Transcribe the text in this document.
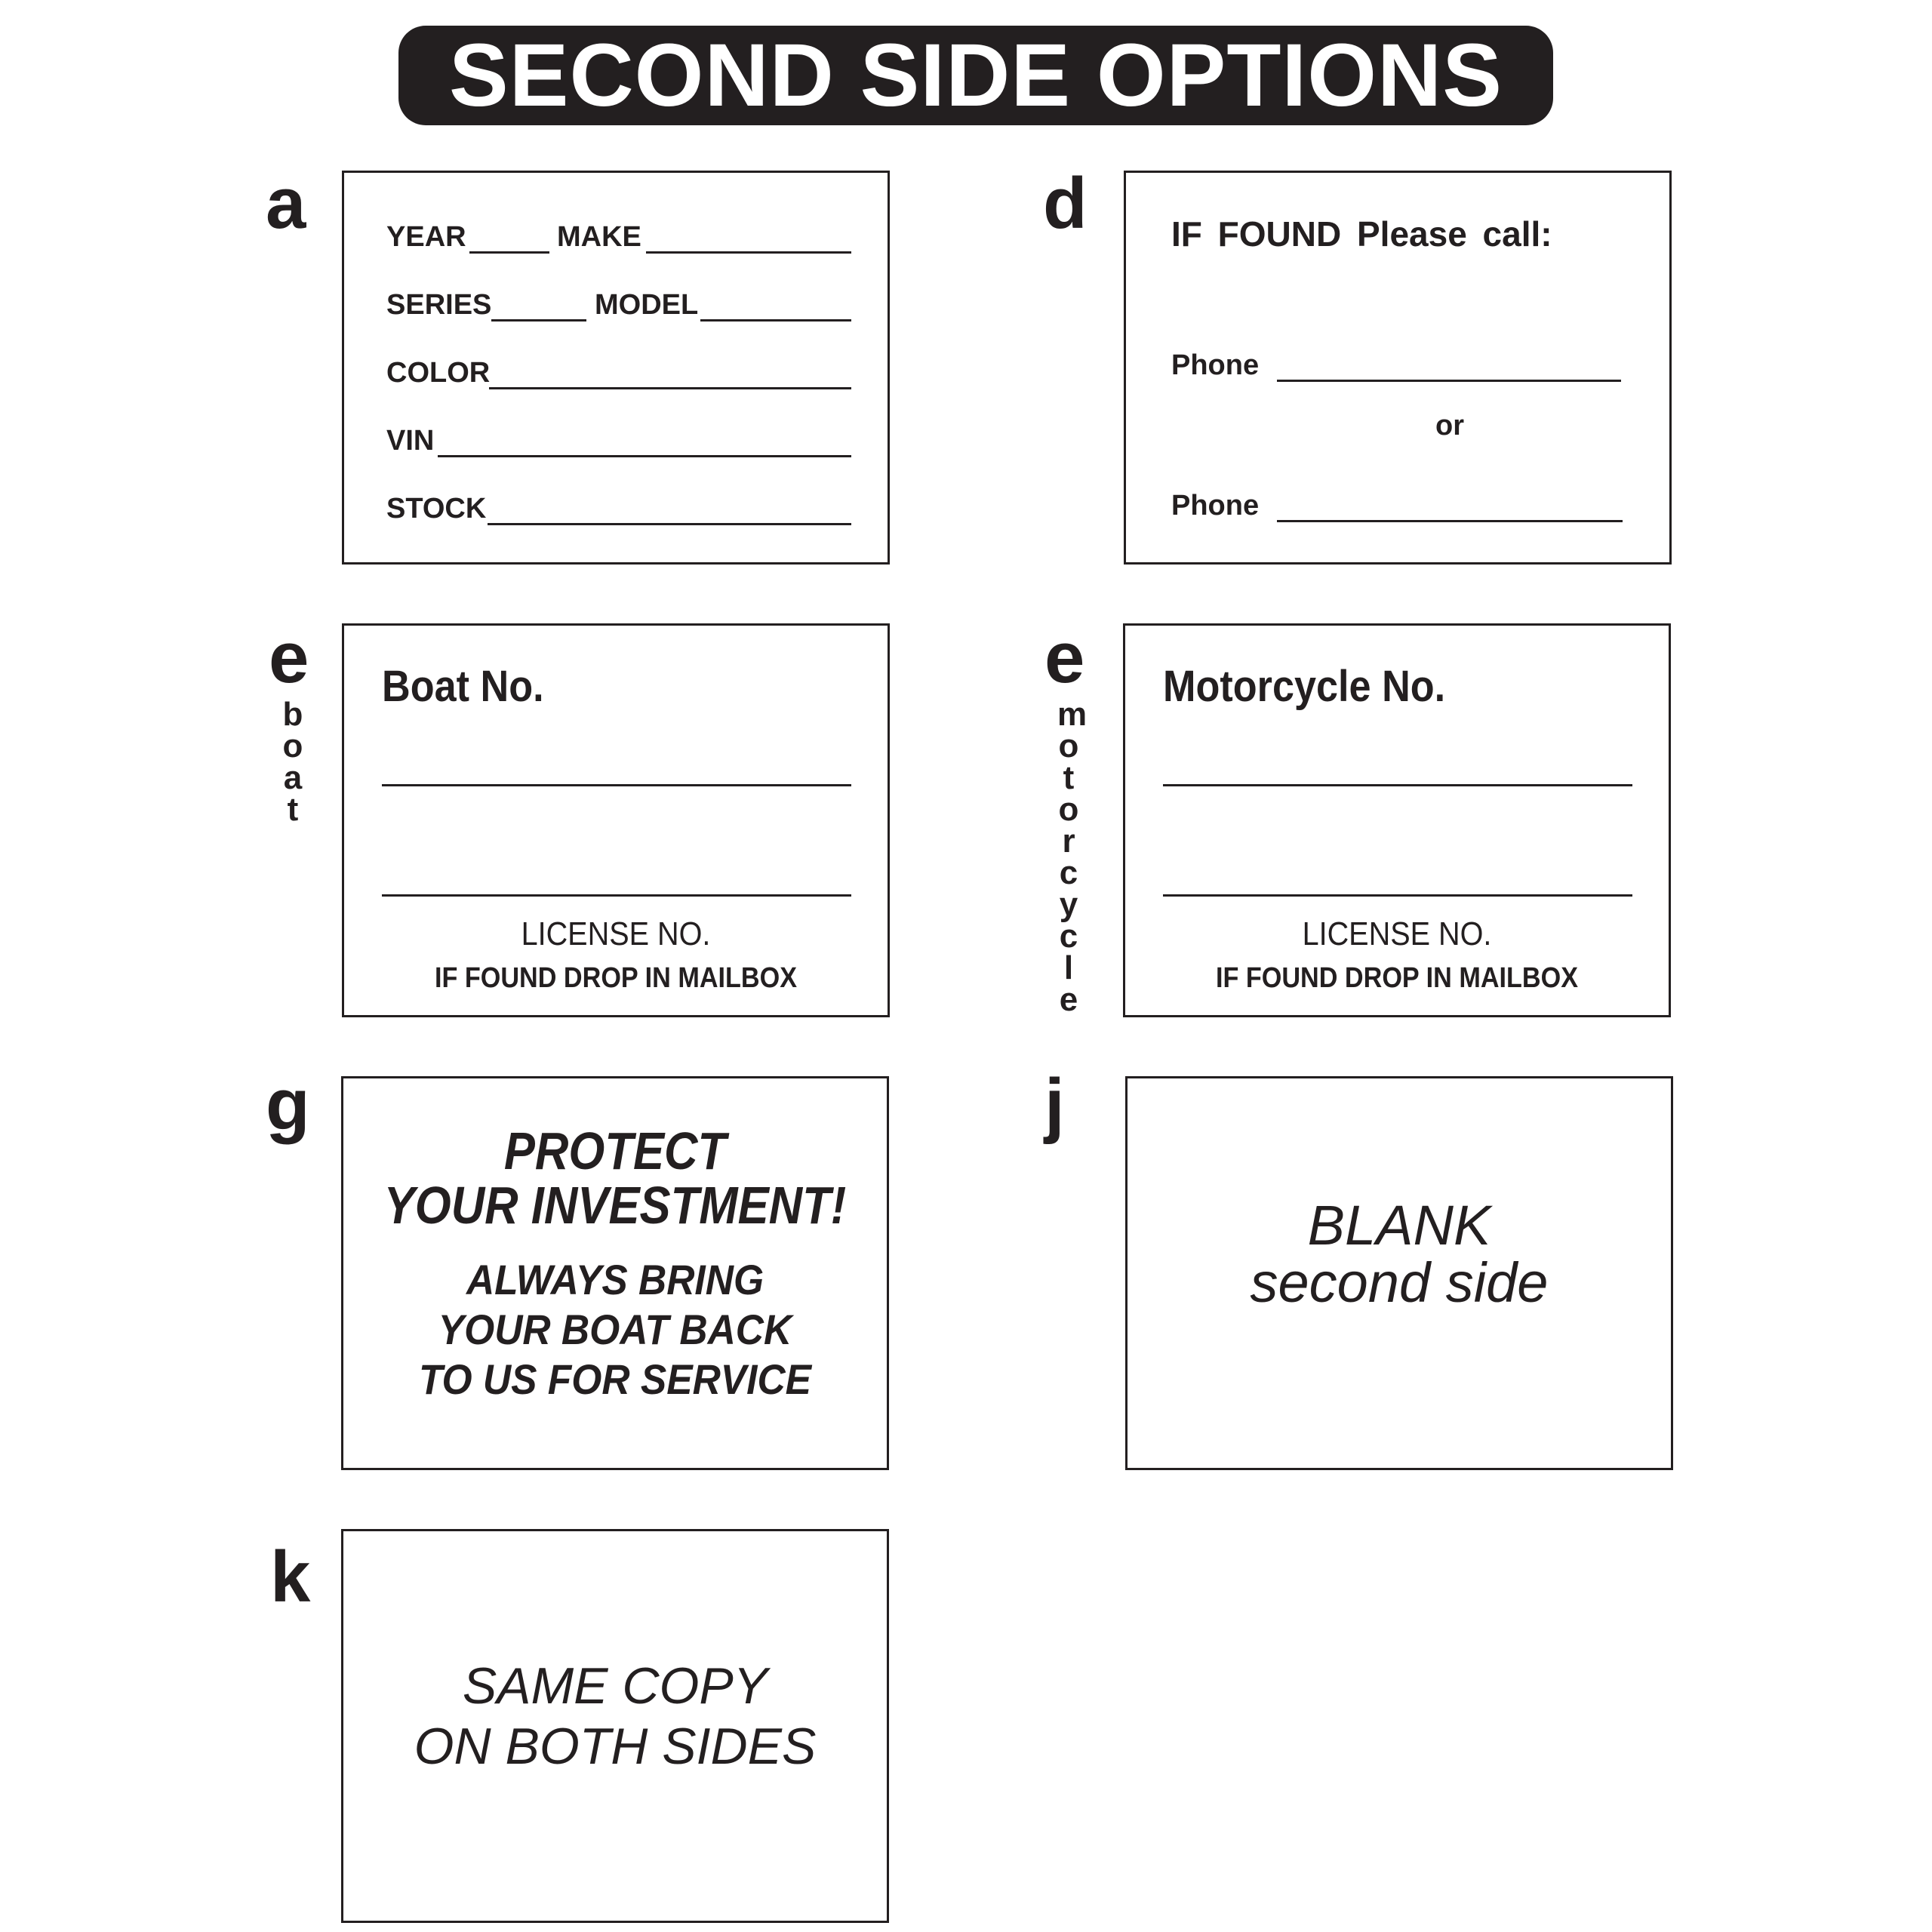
SECOND SIDE OPTIONS
a	YEAR	MAKE
SERIES	MODEL
COLOR
VIN
STOCK
d IF FOUND Please call:
Phone
or
Phone
e
boat
Boat No.
LICENSE NO.
IF FOUND DROP IN MAILBOX
e
motorcycle
Motorcycle No.
LICENSE NO.
IF FOUND DROP IN MAILBOX
g
PROTECT
YOUR INVESTMENT!
ALWAYS BRING
YOUR BOAT BACK
TO US FOR SERVICE
j
BLANK
second side
k
SAME COPY
ON BOTH SIDES
